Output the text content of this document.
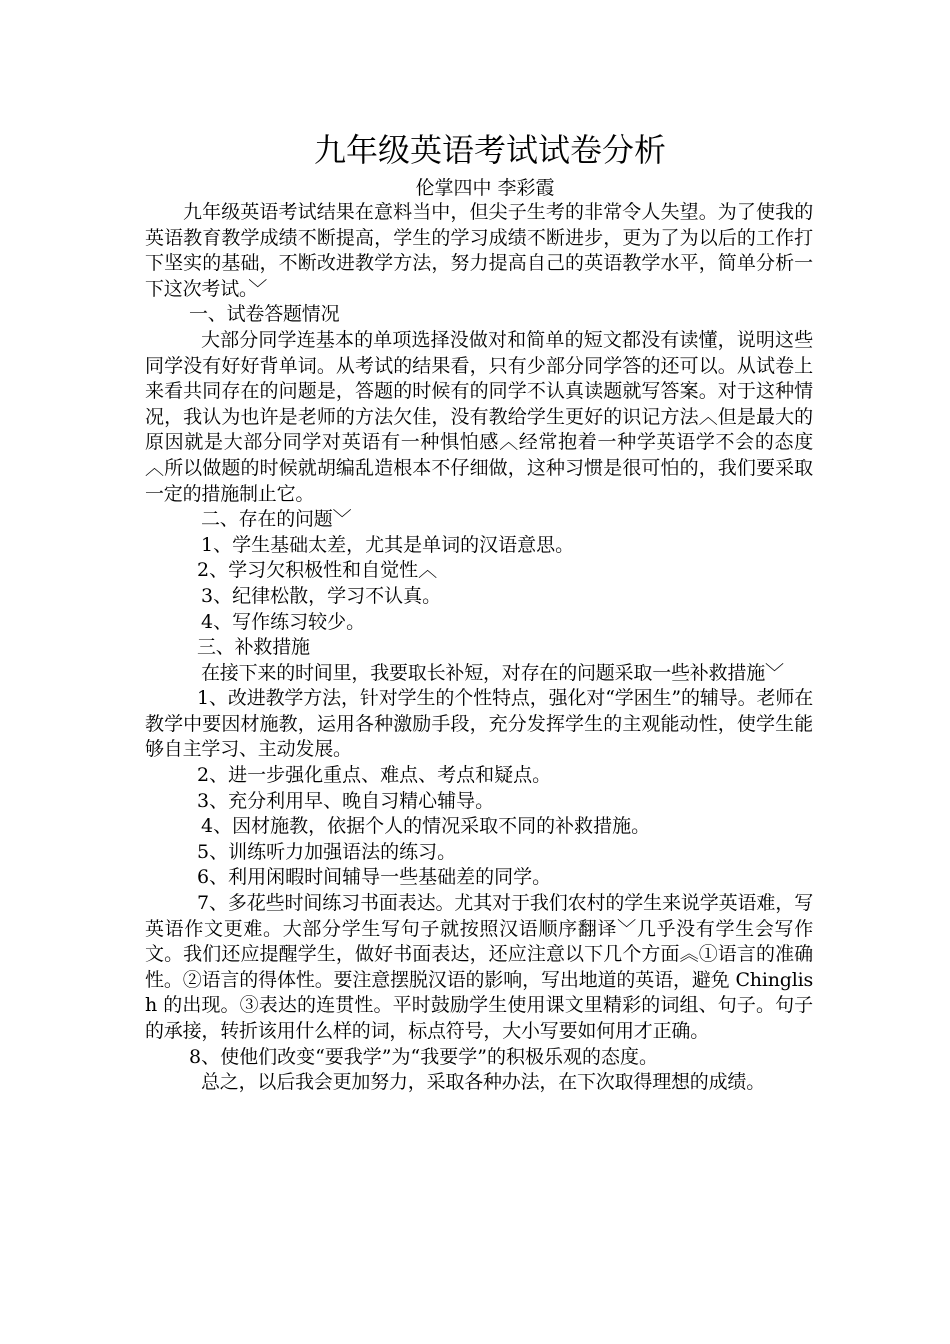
九年级英语考试试卷分析

伦掌四中 李彩霞

九年级英语考试结果在意料当中，但尖子生考的非常令人失望。为了使我的英语教育教学成绩不断提高，学生的学习成绩不断进步，更为了为以后的工作打下坚实的基础，不断改进教学方法，努力提高自己的英语教学水平，简单分析一下这次考试。﹀

一、试卷答题情况

大部分同学连基本的单项选择没做对和简单的短文都没有读懂，说明这些同学没有好好背单词。从考试的结果看，只有少部分同学答的还可以。从试卷上来看共同存在的问题是，答题的时候有的同学不认真读题就写答案。对于这种情况，我认为也许是老师的方法欠佳，没有教给学生更好的识记方法︿但是最大的原因就是大部分同学对英语有一种惧怕感︿经常抱着一种学英语学不会的态度︿所以做题的时候就胡编乱造根本不仔细做，这种习惯是很可怕的，我们要采取一定的措施制止它。

二、存在的问题﹀

1、学生基础太差，尤其是单词的汉语意思。

2、学习欠积极性和自觉性︿

3、纪律松散，学习不认真。

4、写作练习较少。

三、补救措施

在接下来的时间里，我要取长补短，对存在的问题采取一些补救措施﹀

1、改进教学方法，针对学生的个性特点，强化对“学困生”的辅导。老师在教学中要因材施教，运用各种激励手段，充分发挥学生的主观能动性，使学生能够自主学习、主动发展。

2、进一步强化重点、难点、考点和疑点。

3、充分利用早、晚自习精心辅导。

4、因材施教，依据个人的情况采取不同的补救措施。

5、训练听力加强语法的练习。

6、利用闲暇时间辅导一些基础差的同学。

7、多花些时间练习书面表达。尤其对于我们农村的学生来说学英语难，写英语作文更难。大部分学生写句子就按照汉语顺序翻译﹀几乎没有学生会写作文。我们还应提醒学生，做好书面表达，还应注意以下几个方面︽①语言的准确性。②语言的得体性。要注意摆脱汉语的影响，写出地道的英语，避免 Chinglish 的出现。③表达的连贯性。平时鼓励学生使用课文里精彩的词组、句子。句子的承接，转折该用什么样的词，标点符号，大小写要如何用才正确。

8、使他们改变“要我学”为“我要学”的积极乐观的态度。

总之，以后我会更加努力，采取各种办法，在下次取得理想的成绩。
